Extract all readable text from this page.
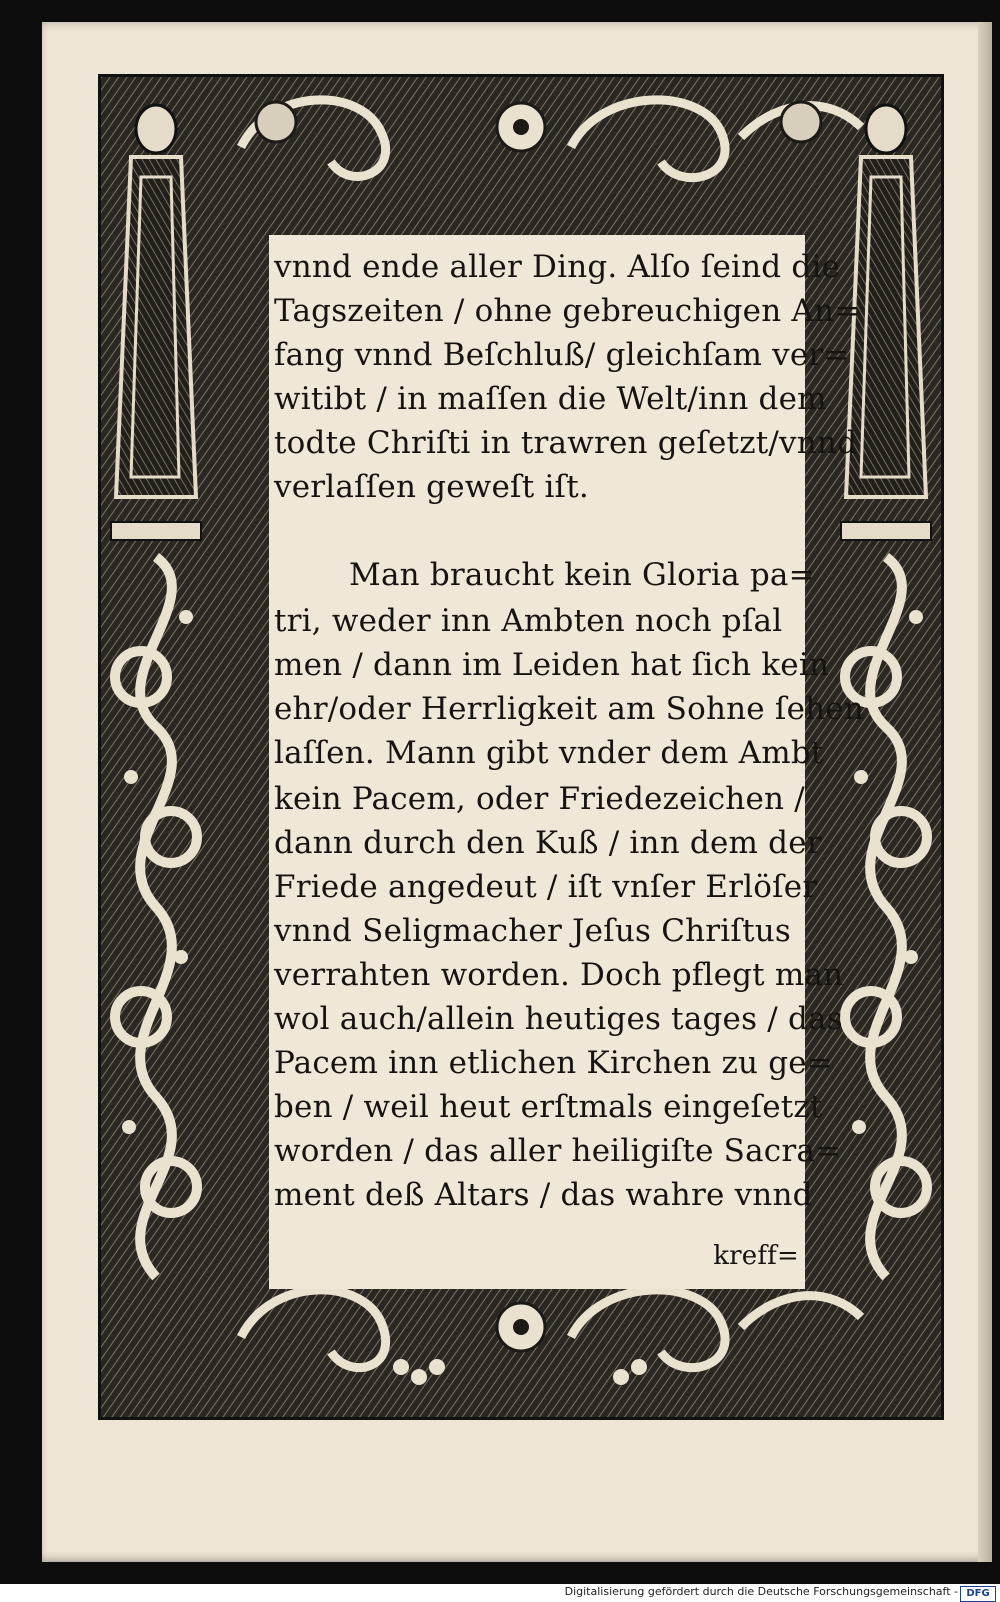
vnnd ende aller Ding. Alſo ſeind die
Tagszeiten / ohne gebreuchigen An=
fang vnnd Beſchluß/ gleichſam ver=
witibt / in maſſen die Welt/inn dem
todte Chriſti in trawren geſetzt/vnnd
verlaſſen geweſt iſt.
Man braucht kein Gloria pa=
tri, weder inn Ambten noch pſal
men / dann im Leiden hat ſich kein
ehr/oder Herrligkeit am Sohne ſehen
laſſen. Mann gibt vnder dem Ambt
kein Pacem, oder Friedezeichen /
dann durch den Kuß / inn dem der
Friede angedeut / iſt vnſer Erlöſer
vnnd Seligmacher Jeſus Chriſtus
verrahten worden. Doch pflegt man
wol auch/allein heutiges tages / das
Pacem inn etlichen Kirchen zu ge=
ben / weil heut erſtmals eingeſetzt
worden / das aller heiligiſte Sacra=
ment deß Altars / das wahre vnnd
kreff=
Digitalisierung gefördert durch die Deutsche Forschungsgemeinschaft - DFG
